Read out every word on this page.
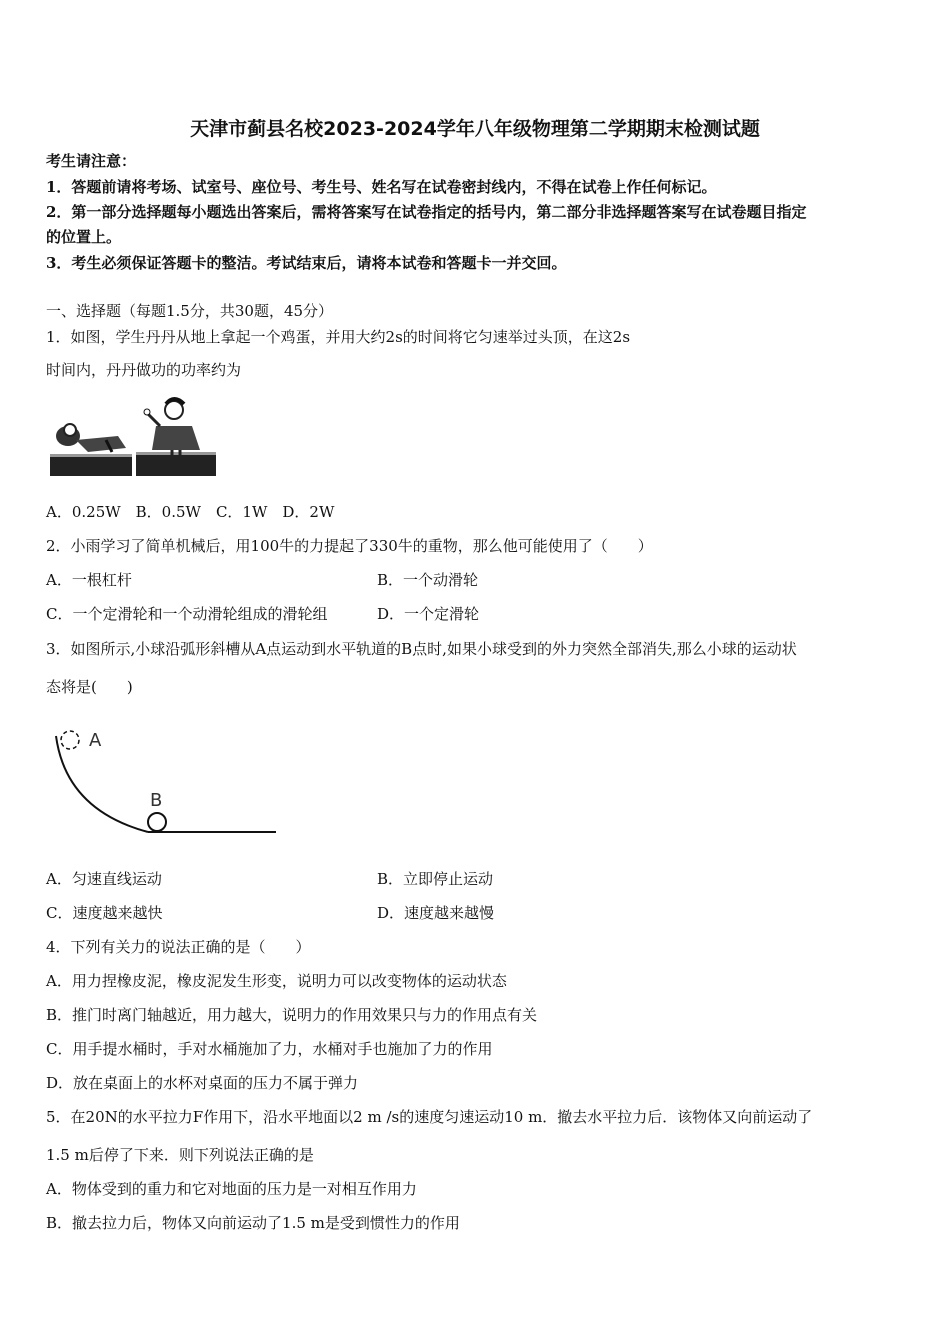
天津市蓟县名校2023-2024学年八年级物理第二学期期末检测试题
考生请注意：
1．答题前请将考场、试室号、座位号、考生号、姓名写在试卷密封线内，不得在试卷上作任何标记。
2．第一部分选择题每小题选出答案后，需将答案写在试卷指定的括号内，第二部分非选择题答案写在试卷题目指定
的位置上。
3．考生必须保证答题卡的整洁。考试结束后，请将本试卷和答题卡一并交回。
一、选择题（每题1.5分，共30题，45分）
1．如图，学生丹丹从地上拿起一个鸡蛋，并用大约2s的时间将它匀速举过头顶，在这2s
时间内，丹丹做功的功率约为
A．0.25W　B．0.5W　C．1W　D．2W
2．小雨学习了简单机械后，用100牛的力提起了330牛的重物，那么他可能使用了（　　）
A．一根杠杆	B．一个动滑轮
C．一个定滑轮和一个动滑轮组成的滑轮组	D．一个定滑轮
3．如图所示,小球沿弧形斜槽从A点运动到水平轨道的B点时,如果小球受到的外力突然全部消失,那么小球的运动状
态将是(　　)
A
B
A．匀速直线运动	B．立即停止运动
C．速度越来越快	D．速度越来越慢
4．下列有关力的说法正确的是（　　）
A．用力捏橡皮泥，橡皮泥发生形变，说明力可以改变物体的运动状态
B．推门时离门轴越近，用力越大，说明力的作用效果只与力的作用点有关
C．用手提水桶时，手对水桶施加了力，水桶对手也施加了力的作用
D．放在桌面上的水杯对桌面的压力不属于弹力
5．在20N的水平拉力F作用下，沿水平地面以2 m /s的速度匀速运动10 m．撤去水平拉力后．该物体又向前运动了
1.5 m后停了下来．则下列说法正确的是
A．物体受到的重力和它对地面的压力是一对相互作用力
B．撤去拉力后，物体又向前运动了1.5 m是受到惯性力的作用
